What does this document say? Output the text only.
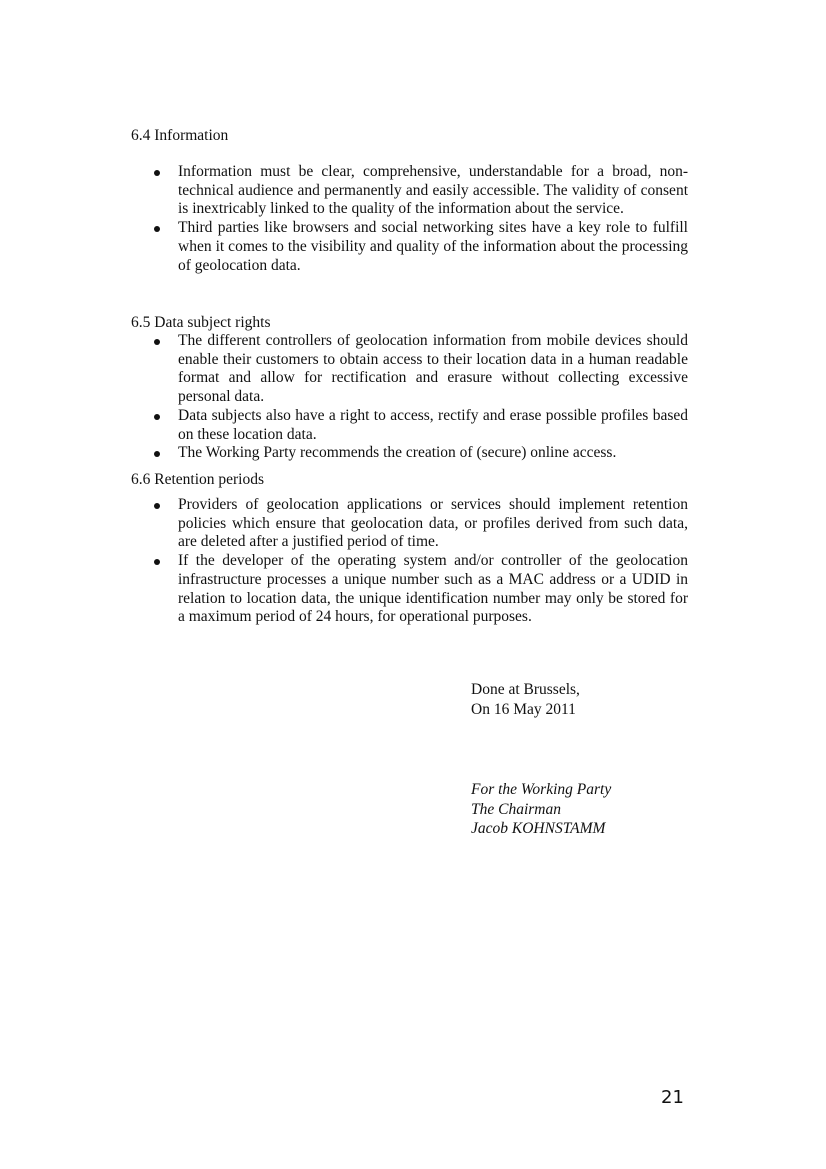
6.4 Information
Information must be clear, comprehensive, understandable for a broad, non-technical audience and permanently and easily accessible. The validity of consent is inextricably linked to the quality of the information about the service.
Third parties like browsers and social networking sites have a key role to fulfill when it comes to the visibility and quality of the information about the processing of geolocation data.
6.5 Data subject rights
The different controllers of geolocation information from mobile devices should enable their customers to obtain access to their location data in a human readable format and allow for rectification and erasure without collecting excessive personal data.
Data subjects also have a right to access, rectify and erase possible profiles based on these location data.
The Working Party recommends the creation of (secure) online access.
6.6 Retention periods
Providers of geolocation applications or services should implement retention policies which ensure that geolocation data, or profiles derived from such data, are deleted after a justified period of time.
If the developer of the operating system and/or controller of the geolocation infrastructure processes a unique number such as a MAC address or a UDID in relation to location data, the unique identification number may only be stored for a maximum period of 24 hours, for operational purposes.
Done at Brussels,
On 16 May 2011
For the Working Party
The Chairman
Jacob KOHNSTAMM
21
